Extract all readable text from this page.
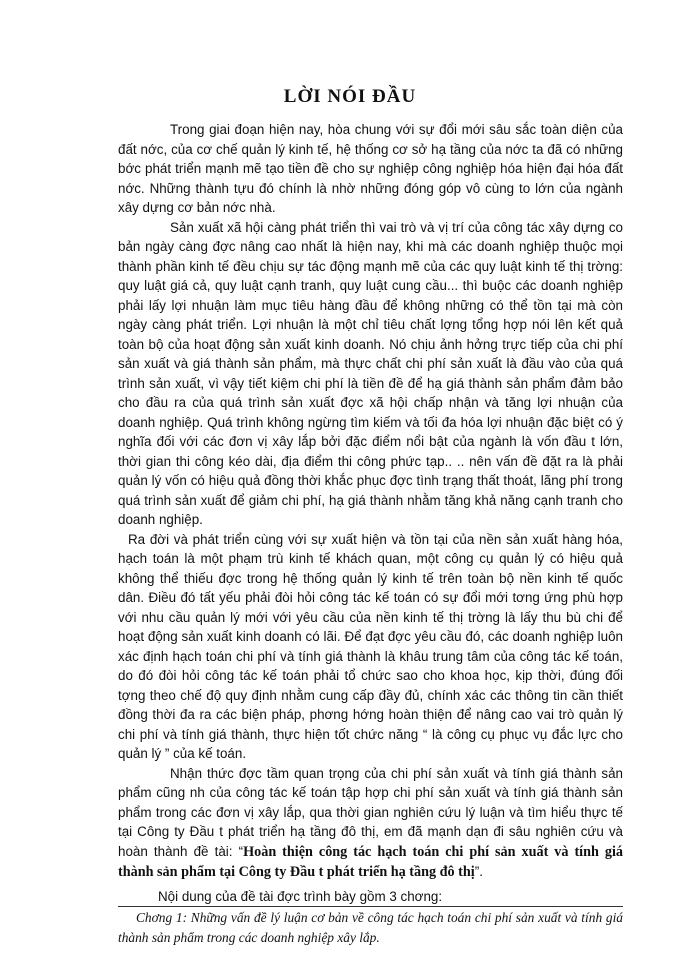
LỜI NÓI ĐẦU

Trong giai đoạn hiện nay, hòa chung với sự đổi mới sâu sắc toàn diện của đất nớc, của cơ chế quản lý kinh tế, hệ thống cơ sở hạ tầng của nớc ta đã có những bớc phát triển mạnh mẽ tạo tiền đề cho sự nghiệp công nghiệp hóa hiện đại hóa đất nớc. Những thành tựu đó chính là nhờ những đóng góp vô cùng to lớn của ngành xây dựng cơ bản nớc nhà.

Sản xuất xã hội càng phát triển thì vai trò và vị trí của công tác xây dựng co bản ngày càng đợc nâng cao nhất là hiện nay, khi mà các doanh nghiệp thuộc mọi thành phần kinh tế đều chịu sự tác động mạnh mẽ của các quy luật kinh tế thị trờng: quy luật giá cả, quy luật cạnh tranh, quy luật cung cầu... thì buộc các doanh nghiệp phải lấy lợi nhuận làm mục tiêu hàng đầu để không những có thể tồn tại mà còn ngày càng phát triển. Lợi nhuận là một chỉ tiêu chất lợng tổng hợp nói lên kết quả toàn bộ của hoạt động sản xuất kinh doanh. Nó chịu ảnh hởng trực tiếp của chi phí sản xuất và giá thành sản phẩm, mà thực chất chi phí sản xuất là đầu vào của quá trình sản xuất, vì vậy tiết kiệm chi phí là tiền đề để hạ giá thành sản phẩm đảm bảo cho đầu ra của quá trình sản xuất đợc xã hội chấp nhận và tăng lợi nhuận của doanh nghiệp. Quá trình không ngừng tìm kiếm và tối đa hóa lợi nhuận đặc biệt có ý nghĩa đối với các đơn vị xây lắp bởi đặc điểm nổi bật của ngành là vốn đầu t lớn, thời gian thi công kéo dài, địa điểm thi công phức tạp.. .. nên vấn đề đặt ra là phải quản lý vốn có hiệu quả đồng thời khắc phục đợc tình trạng thất thoát, lãng phí trong quá trình sản xuất để giảm chi phí, hạ giá thành nhằm tăng khả năng cạnh tranh cho doanh nghiệp.

Ra đời và phát triển cùng với sự xuất hiện và tồn tại của nền sản xuất hàng hóa, hạch toán là một phạm trù kinh tế khách quan, một công cụ quản lý có hiệu quả không thể thiếu đợc trong hệ thống quản lý kinh tế trên toàn bộ nền kinh tế quốc dân. Điều đó tất yếu phải đòi hỏi công tác kế toán có sự đổi mới tơng ứng phù hợp với nhu cầu quản lý mới với yêu cầu của nền kinh tế thị trờng là lấy thu bù chi để hoạt động sản xuất kinh doanh có lãi. Để đạt đợc yêu cầu đó, các doanh nghiệp luôn xác định hạch toán chi phí và tính giá thành là khâu trung tâm của công tác kế toán, do đó đòi hỏi công tác kế toán phải tổ chức sao cho khoa học, kịp thời, đúng đối tợng theo chế độ quy định nhằm cung cấp đầy đủ, chính xác các thông tin cần thiết đồng thời đa ra các biện pháp, phơng hớng hoàn thiện để nâng cao vai trò quản lý chi phí và tính giá thành, thực hiện tốt chức năng “ là công cụ phục vụ đắc lực cho quản lý ” của kế toán.

Nhận thức đợc tầm quan trọng của chi phí sản xuất và tính giá thành sản phẩm cũng nh của công tác kế toán tập hợp chi phí sản xuất và tính giá thành sản phẩm trong các đơn vị xây lắp, qua thời gian nghiên cứu lý luận và tìm hiểu thực tế tại Công ty Đầu t phát triển hạ tầng đô thị, em đã mạnh dạn đi sâu nghiên cứu và hoàn thành đề tài: “Hoàn thiện công tác hạch toán chi phí sản xuất và tính giá thành sản phẩm tại Công ty Đầu t phát triển hạ tầng đô thị”.

Nội dung của đề tài đợc trình bày gồm 3 chơng:

Chơng 1: Những vấn đề lý luận cơ bản về công tác hạch toán chi phí sản xuất và tính giá thành sản phẩm trong các doanh nghiệp xây lắp.
